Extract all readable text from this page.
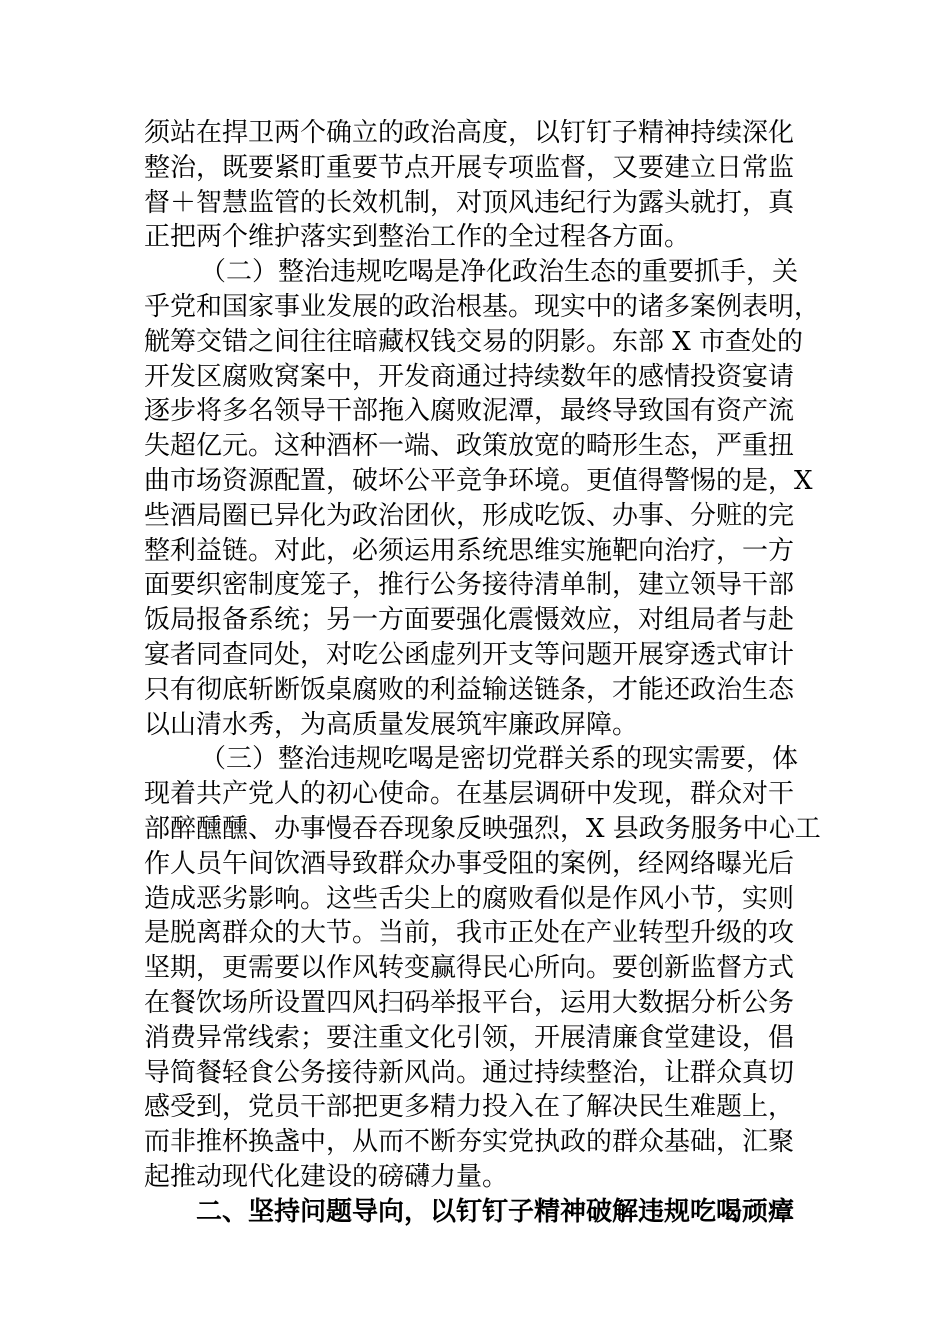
须站在捍卫两个确立的政治高度，以钉钉子精神持续深化
整治，既要紧盯重要节点开展专项监督，又要建立日常监
督＋智慧监管的长效机制，对顶风违纪行为露头就打，真
正把两个维护落实到整治工作的全过程各方面。
（二）整治违规吃喝是净化政治生态的重要抓手，关
乎党和国家事业发展的政治根基。现实中的诸多案例表明，
觥筹交错之间往往暗藏权钱交易的阴影。东部 X 市查处的
开发区腐败窝案中，开发商通过持续数年的感情投资宴请
逐步将多名领导干部拖入腐败泥潭，最终导致国有资产流
失超亿元。这种酒杯一端、政策放宽的畸形生态，严重扭
曲市场资源配置，破坏公平竞争环境。更值得警惕的是，X
些酒局圈已异化为政治团伙，形成吃饭、办事、分赃的完
整利益链。对此，必须运用系统思维实施靶向治疗，一方
面要织密制度笼子，推行公务接待清单制，建立领导干部
饭局报备系统；另一方面要强化震慑效应，对组局者与赴
宴者同查同处，对吃公函虚列开支等问题开展穿透式审计
只有彻底斩断饭桌腐败的利益输送链条，才能还政治生态
以山清水秀，为高质量发展筑牢廉政屏障。
（三）整治违规吃喝是密切党群关系的现实需要，体
现着共产党人的初心使命。在基层调研中发现，群众对干
部醉醺醺、办事慢吞吞现象反映强烈，X 县政务服务中心工
作人员午间饮酒导致群众办事受阻的案例，经网络曝光后
造成恶劣影响。这些舌尖上的腐败看似是作风小节，实则
是脱离群众的大节。当前，我市正处在产业转型升级的攻
坚期，更需要以作风转变赢得民心所向。要创新监督方式
在餐饮场所设置四风扫码举报平台，运用大数据分析公务
消费异常线索；要注重文化引领，开展清廉食堂建设，倡
导简餐轻食公务接待新风尚。通过持续整治，让群众真切
感受到，党员干部把更多精力投入在了解决民生难题上，
而非推杯换盏中，从而不断夯实党执政的群众基础，汇聚
起推动现代化建设的磅礴力量。
二、坚持问题导向，以钉钉子精神破解违规吃喝顽瘴
